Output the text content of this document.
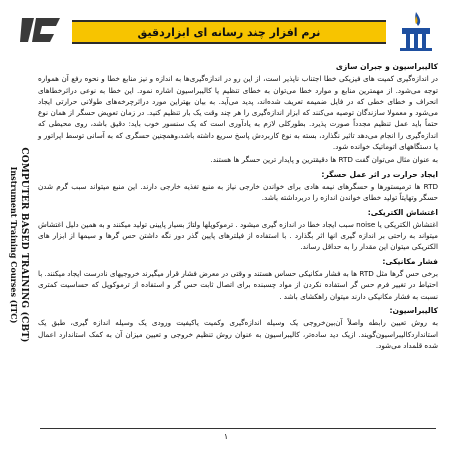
نرم افزار چند رسانه ای ابزاردقیق
COMPUTER BASED TRAINING (CBT)
Instrument Training Courses (ITC)
کالیبراسیون و جبران سازی

در اندازه‌گیری کمیت های فیزیکی خطا اجتناب ناپذیر است، از این رو در اندازه‌گیری‌ها به اندازه و نیز منابع خطا و نحوه رفع آن همواره توجه می‌شود. از مهمترین منابع و موارد خطا می‌توان به خطای تنظیم یا کالیبراسیون اشاره نمود. این خطا به نوعی دراثرخطاهای انحراف و خطای خطی که در فایل ضمیمه تعریف شده‌اند، پدید می‌آید. به بیان بهتراین مورد دراثرچرخه‌های طولانی حرارتی ایجاد می‌شود و معمولا سازندگان توصیه می‌کنند که ابزار اندازه‌گیری را هر چند وقت یک بار تنظیم کنید. در زمان تعویض حسگر از همان نوع حتماً باید عمل تنظیم مجدداً صورت پذیرد. بطورکلی لازم به یادآوری است که یک سنسور خوب باید: دقیق باشد، روی محیطی که اندازه‌گیری را انجام می‌دهد تاثیر نگذارد، بسته به نوع کاربردش پاسخ سریع داشته باشد،وهمچنین حسگری که به آسانی توسط اپراتور و یا دستگاههای اتوماتیک خوانده شود.

به عنوان مثال می‌توان گفت RTD ها دقیقترین و پایدار ترین حسگر ها هستند.

ایجاد حرارت در اثر عمل حسگر:

RTD ها ترمیستورها و حسگرهای نیمه هادی برای خواندن خارجی نیاز به منبع تغذیه خارجی دارند. این منبع میتواند سبب گرم شدن حسگر وتهایتاً تولید خطای خواندن اندازه را دربرداشته باشد.

اغتشاش الکتریکی:

اغتشاش الکتریکی یا noise سبب ایجاد خطا در اندازه گیری میشود . ترموکوپلها ولتاژ بسیار پایینی تولید میکنند و به همین دلیل اغتشاش میتواند به راحتی بر اندازه گیری انها اثر بگذارد . با استفاده از فیلترهای پایین گذر دور نگه داشتن حس گرها و سیمها از ابزار های الکتریکی میتوان این مقدار را به حداقل رساند.

فشار مکانیکی:

برخی حس گرها مثل RTD ها به فشار مکانیکی حساس هستند و وقتی در معرض فشار قرار میگیرند خروجیهای نادرست ایجاد میکنند. با احتیاط در تغییر فرم حس گر استفاده نکردن از مواد چسبنده برای اتصال ثابت حس گر و استفاده از ترموکوپل که حساسیت کمتری نسبت به فشار مکانیکی دارند میتوان راهکشای باشد .

کالیبراسیون:

به روش تعیین رابطه واصلاً آن‌بین‌خروجی یک وسیله اندازه‌گیری وکمیت یاکیفیت ورودی یک وسیله اندازه گیری، طبق یک استانداردکالیبراسیون‌گویند. ازیک دید ساده‌تر، کالیبراسیون به عنوان روش تنظیم خروجی و تعیین میزان آن به کمک استاندارد اعمال شده قلمداد می‌شود.

١
